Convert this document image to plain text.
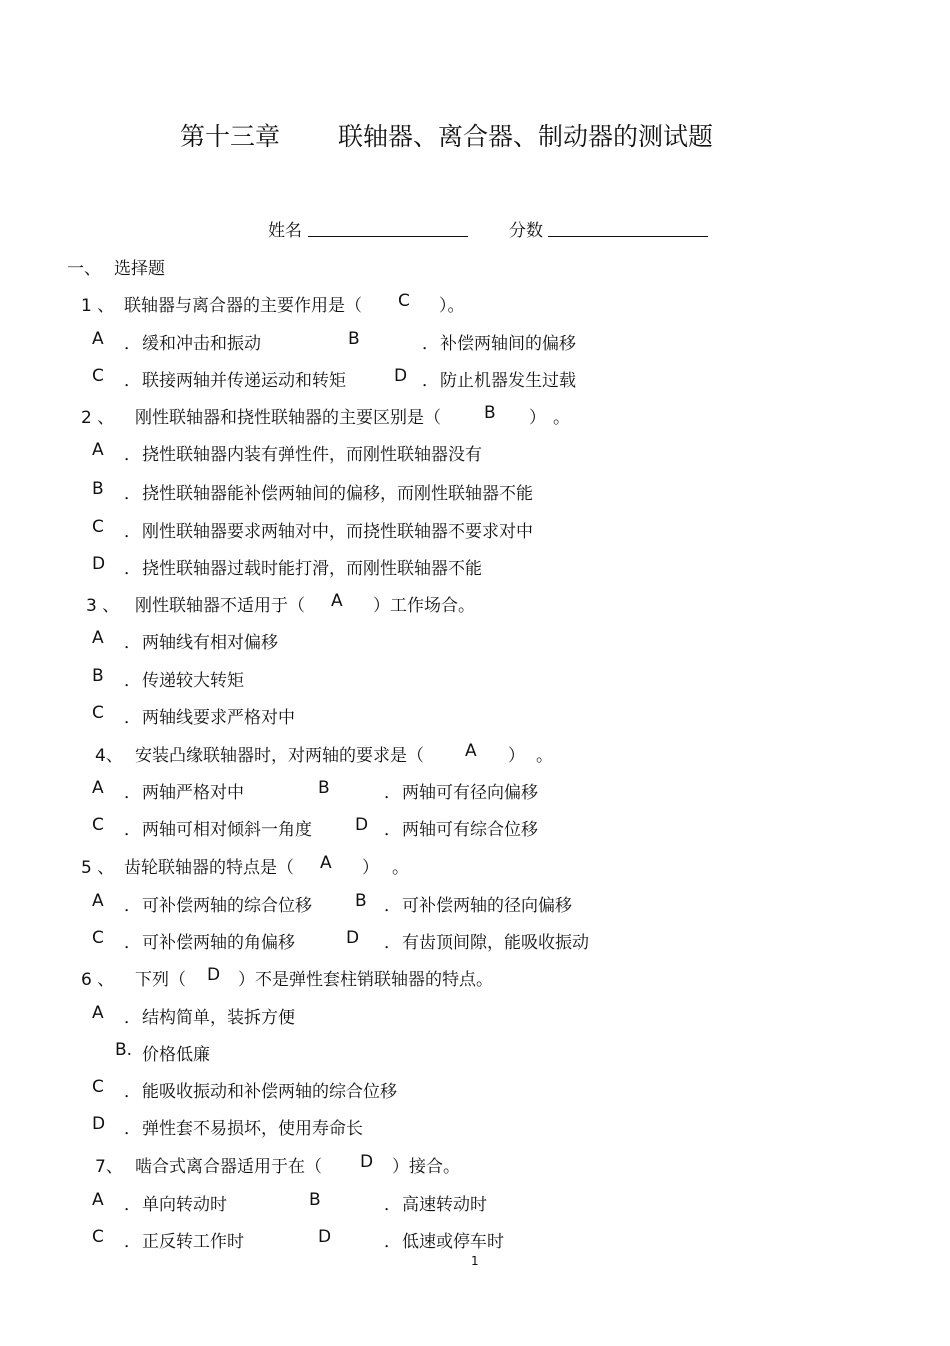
第十三章 联轴器、离合器、制动器的测试题
姓名	分数
一、 选择题
1 、 联轴器与离合器的主要作用是（ C ）。
A ． 缓和冲击和振动	B	． 补偿两轴间的偏移
C ． 联接两轴并传递运动和转矩	D ． 防止机器发生过载
2 、 刚性联轴器和挠性联轴器的主要区别是（	B ） 。
A ． 挠性联轴器内装有弹性件，而刚性联轴器没有
B ． 挠性联轴器能补偿两轴间的偏移，而刚性联轴器不能
C ． 刚性联轴器要求两轴对中，而挠性联轴器不要求对中
D ． 挠性联轴器过载时能打滑，而刚性联轴器不能
3 、 刚性联轴器不适用于（ A ）工作场合。
A ． 两轴线有相对偏移
B ． 传递较大转矩
C ． 两轴线要求严格对中
4、 安装凸缘联轴器时，对两轴的要求是（ A ） 。
A ． 两轴严格对中	B	． 两轴可有径向偏移
C ． 两轴可相对倾斜一角度	D ． 两轴可有综合位移
5 、 齿轮联轴器的特点是（ A ） 。
A ． 可补偿两轴的综合位移	B ． 可补偿两轴的径向偏移
C ． 可补偿两轴的角偏移	D ． 有齿顶间隙，能吸收振动
6 、 下列（ D ）不是弹性套柱销联轴器的特点。
A ． 结构简单，装拆方便
B. 价格低廉
C ． 能吸收振动和补偿两轴的综合位移
D ． 弹性套不易损坏，使用寿命长
7、 啮合式离合器适用于在（ D ）接合。
A ． 单向转动时	B	． 高速转动时
C ． 正反转工作时	D	． 低速或停车时
1
